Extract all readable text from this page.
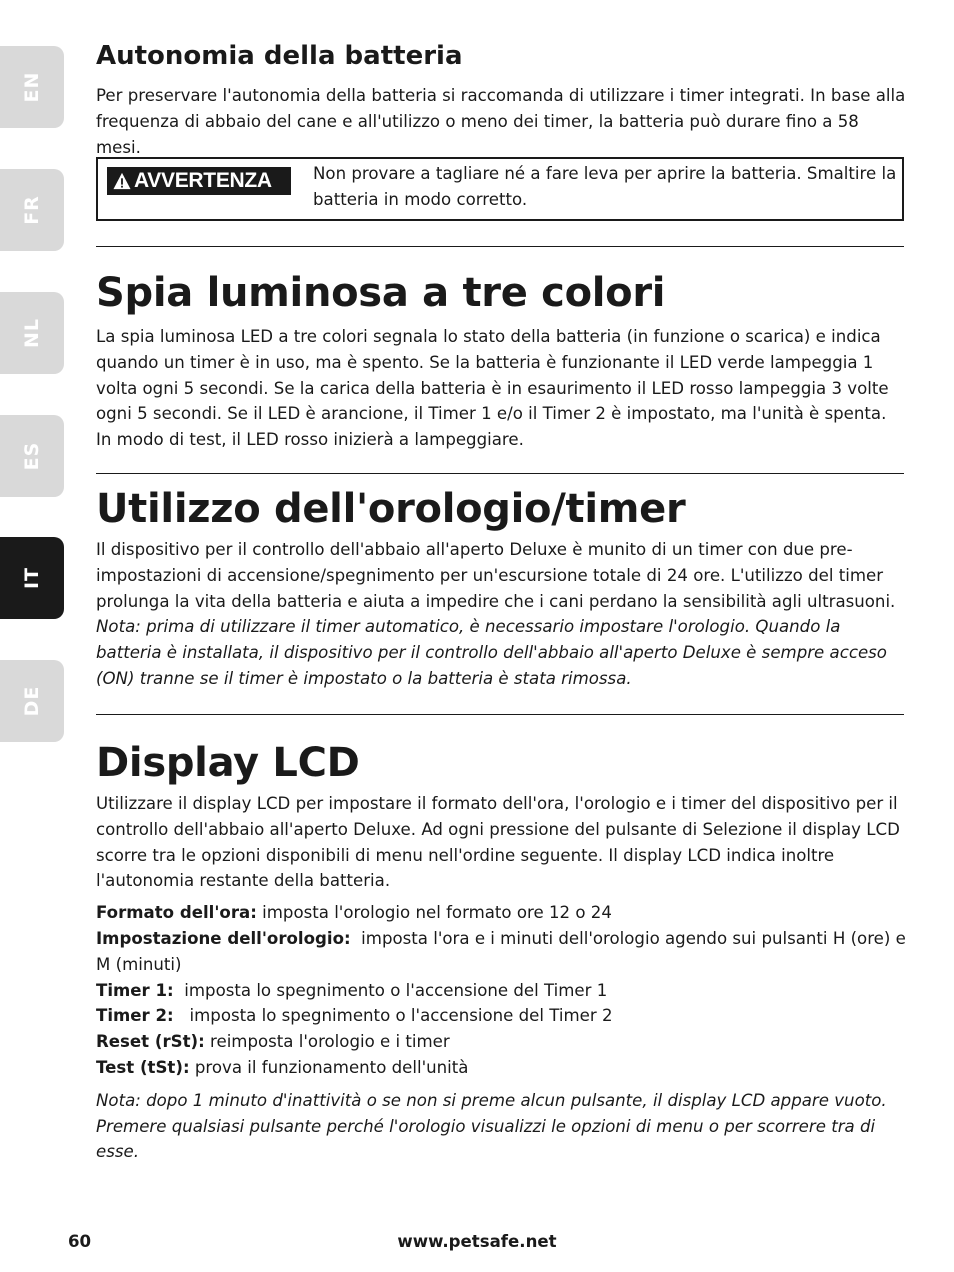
EN
FR
NL
ES
IT
DE
Autonomia della batteria

Per preservare l'autonomia della batteria si raccomanda di utilizzare i timer integrati. In base alla frequenza di abbaio del cane e all'utilizzo o meno dei timer, la batteria può durare fino a 58 mesi.

AVVERTENZA Non provare a tagliare né a fare leva per aprire la batteria. Smaltire la batteria in modo corretto.

Spia luminosa a tre colori

La spia luminosa LED a tre colori segnala lo stato della batteria (in funzione o scarica) e indica quando un timer è in uso, ma è spento. Se la batteria è funzionante il LED verde lampeggia 1 volta ogni 5 secondi. Se la carica della batteria è in esaurimento il LED rosso lampeggia 3 volte ogni 5 secondi. Se il LED è arancione, il Timer 1 e/o il Timer 2 è impostato, ma l'unità è spenta. In modo di test, il LED rosso inizierà a lampeggiare.

Utilizzo dell'orologio/timer

Il dispositivo per il controllo dell'abbaio all'aperto Deluxe è munito di un timer con due pre-impostazioni di accensione/spegnimento per un'escursione totale di 24 ore. L'utilizzo del timer prolunga la vita della batteria e aiuta a impedire che i cani perdano la sensibilità agli ultrasuoni.

Nota: prima di utilizzare il timer automatico, è necessario impostare l'orologio. Quando la batteria è installata, il dispositivo per il controllo dell'abbaio all'aperto Deluxe è sempre acceso (ON) tranne se il timer è impostato o la batteria è stata rimossa.

Display LCD

Utilizzare il display LCD per impostare il formato dell'ora, l'orologio e i timer del dispositivo per il controllo dell'abbaio all'aperto Deluxe. Ad ogni pressione del pulsante di Selezione il display LCD scorre tra le opzioni disponibili di menu nell'ordine seguente. Il display LCD indica inoltre l'autonomia restante della batteria.

Formato dell'ora: imposta l'orologio nel formato ore 12 o 24

Impostazione dell'orologio: imposta l'ora e i minuti dell'orologio agendo sui pulsanti H (ore) e M (minuti)

Timer 1: imposta lo spegnimento o l'accensione del Timer 1

Timer 2: imposta lo spegnimento o l'accensione del Timer 2

Reset (rSt): reimposta l'orologio e i timer

Test (tSt): prova il funzionamento dell'unità

Nota: dopo 1 minuto d'inattività o se non si preme alcun pulsante, il display LCD appare vuoto. Premere qualsiasi pulsante perché l'orologio visualizzi le opzioni di menu o per scorrere tra di esse.

www.petsafe.net
60
